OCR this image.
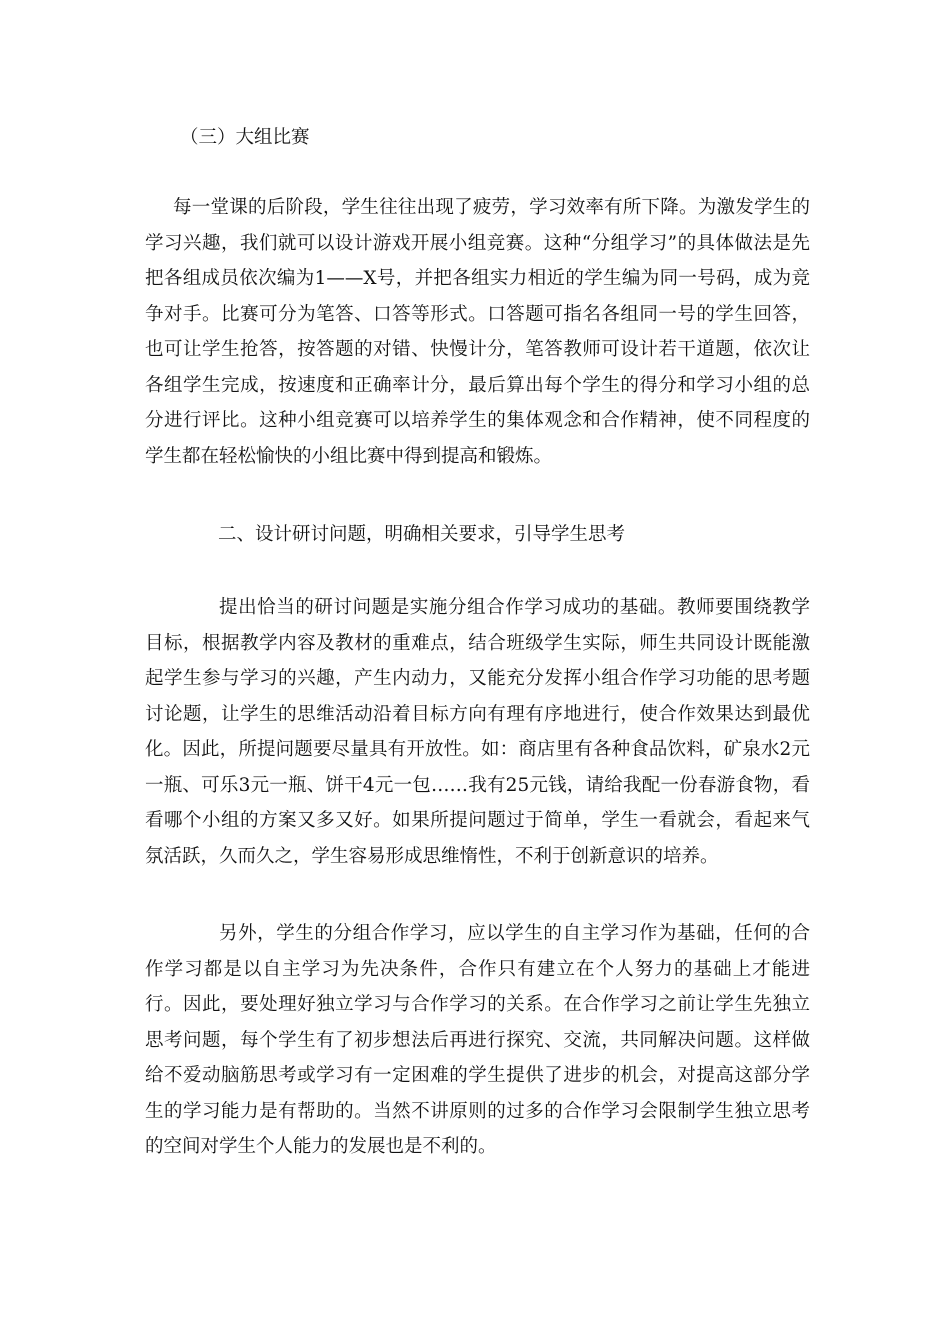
（三）大组比赛

每一堂课的后阶段，学生往往出现了疲劳，学习效率有所下降。为激发学生的学习兴趣，我们就可以设计游戏开展小组竞赛。这种“分组学习”的具体做法是先把各组成员依次编为1——X号，并把各组实力相近的学生编为同一号码，成为竞争对手。比赛可分为笔答、口答等形式。口答题可指名各组同一号的学生回答，也可让学生抢答，按答题的对错、快慢计分，笔答教师可设计若干道题，依次让各组学生完成，按速度和正确率计分，最后算出每个学生的得分和学习小组的总分进行评比。这种小组竞赛可以培养学生的集体观念和合作精神，使不同程度的学生都在轻松愉快的小组比赛中得到提高和锻炼。

二、设计研讨问题，明确相关要求，引导学生思考

提出恰当的研讨问题是实施分组合作学习成功的基础。教师要围绕教学目标，根据教学内容及教材的重难点，结合班级学生实际，师生共同设计既能激起学生参与学习的兴趣，产生内动力，又能充分发挥小组合作学习功能的思考题讨论题，让学生的思维活动沿着目标方向有理有序地进行，使合作效果达到最优化。因此，所提问题要尽量具有开放性。如：商店里有各种食品饮料，矿泉水2元一瓶、可乐3元一瓶、饼干4元一包……我有25元钱，请给我配一份春游食物，看看哪个小组的方案又多又好。如果所提问题过于简单，学生一看就会，看起来气氛活跃，久而久之，学生容易形成思维惰性，不利于创新意识的培养。

另外，学生的分组合作学习，应以学生的自主学习作为基础，任何的合作学习都是以自主学习为先决条件，合作只有建立在个人努力的基础上才能进行。因此，要处理好独立学习与合作学习的关系。在合作学习之前让学生先独立思考问题，每个学生有了初步想法后再进行探究、交流，共同解决问题。这样做给不爱动脑筋思考或学习有一定困难的学生提供了进步的机会，对提高这部分学生的学习能力是有帮助的。当然不讲原则的过多的合作学习会限制学生独立思考的空间对学生个人能力的发展也是不利的。
